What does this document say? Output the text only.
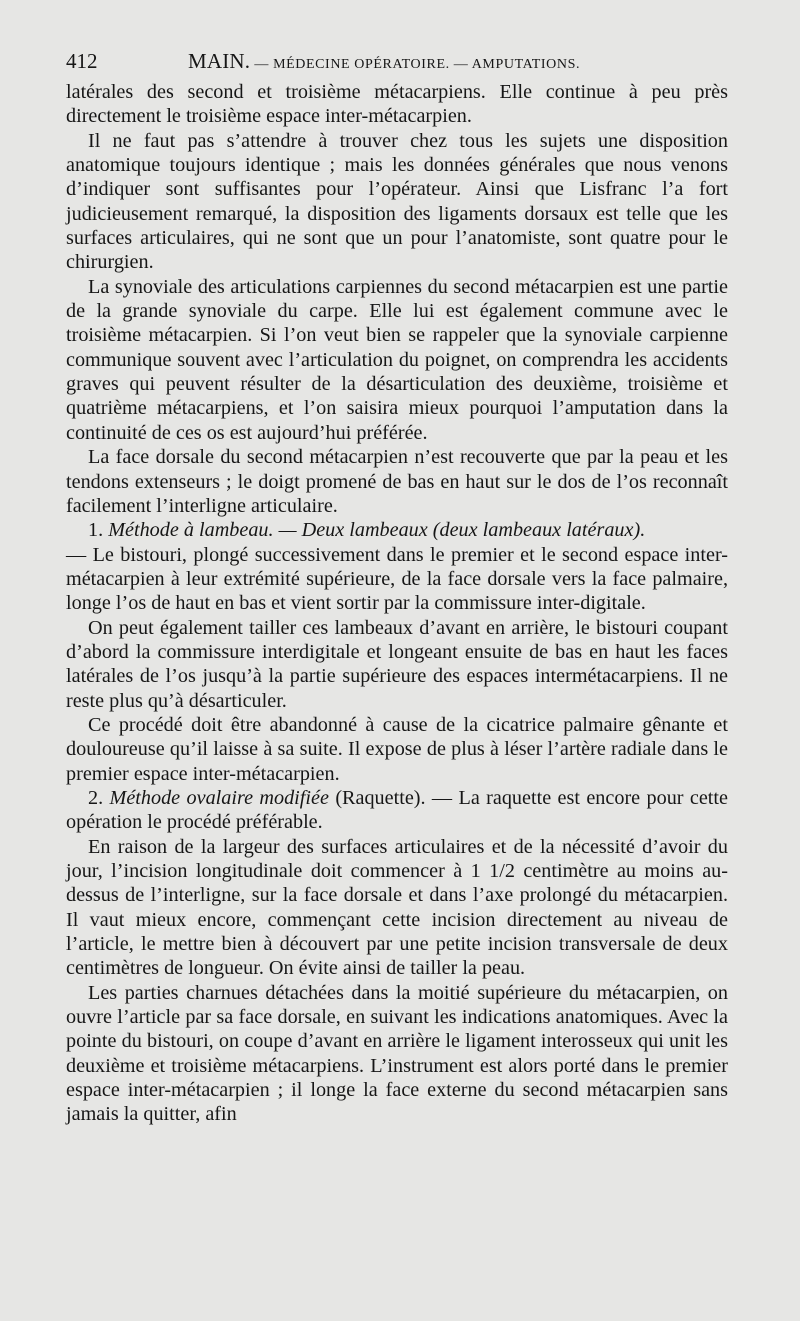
412	MAIN. — MÉDECINE OPÉRATOIRE. — AMPUTATIONS.

latérales des second et troisième métacarpiens. Elle continue à peu près directement le troisième espace inter-métacarpien.

Il ne faut pas s’attendre à trouver chez tous les sujets une disposition anatomique toujours identique ; mais les données générales que nous venons d’indiquer sont suffisantes pour l’opérateur. Ainsi que Lisfranc l’a fort judicieusement remarqué, la disposition des ligaments dorsaux est telle que les surfaces articulaires, qui ne sont que un pour l’anatomiste, sont quatre pour le chirurgien.

La synoviale des articulations carpiennes du second métacarpien est une partie de la grande synoviale du carpe. Elle lui est également commune avec le troisième métacarpien. Si l’on veut bien se rappeler que la synoviale carpienne communique souvent avec l’articulation du poignet, on comprendra les accidents graves qui peuvent résulter de la désarticulation des deuxième, troisième et quatrième métacarpiens, et l’on saisira mieux pourquoi l’amputation dans la continuité de ces os est aujourd’hui préférée.

La face dorsale du second métacarpien n’est recouverte que par la peau et les tendons extenseurs ; le doigt promené de bas en haut sur le dos de l’os reconnaît facilement l’interligne articulaire.

1. Méthode à lambeau. — Deux lambeaux (deux lambeaux latéraux).

— Le bistouri, plongé successivement dans le premier et le second espace inter-métacarpien à leur extrémité supérieure, de la face dorsale vers la face palmaire, longe l’os de haut en bas et vient sortir par la commissure inter-digitale.

On peut également tailler ces lambeaux d’avant en arrière, le bistouri coupant d’abord la commissure interdigitale et longeant ensuite de bas en haut les faces latérales de l’os jusqu’à la partie supérieure des espaces intermétacarpiens. Il ne reste plus qu’à désarticuler.

Ce procédé doit être abandonné à cause de la cicatrice palmaire gênante et douloureuse qu’il laisse à sa suite. Il expose de plus à léser l’artère radiale dans le premier espace inter-métacarpien.

2. Méthode ovalaire modifiée (Raquette). — La raquette est encore pour cette opération le procédé préférable.

En raison de la largeur des surfaces articulaires et de la nécessité d’avoir du jour, l’incision longitudinale doit commencer à 1 1/2 centimètre au moins au-dessus de l’interligne, sur la face dorsale et dans l’axe prolongé du métacarpien. Il vaut mieux encore, commençant cette incision directement au niveau de l’article, le mettre bien à découvert par une petite incision transversale de deux centimètres de longueur. On évite ainsi de tailler la peau.

Les parties charnues détachées dans la moitié supérieure du métacarpien, on ouvre l’article par sa face dorsale, en suivant les indications anatomiques. Avec la pointe du bistouri, on coupe d’avant en arrière le ligament interosseux qui unit les deuxième et troisième métacarpiens. L’instrument est alors porté dans le premier espace inter-métacarpien ; il longe la face externe du second métacarpien sans jamais la quitter, afin
